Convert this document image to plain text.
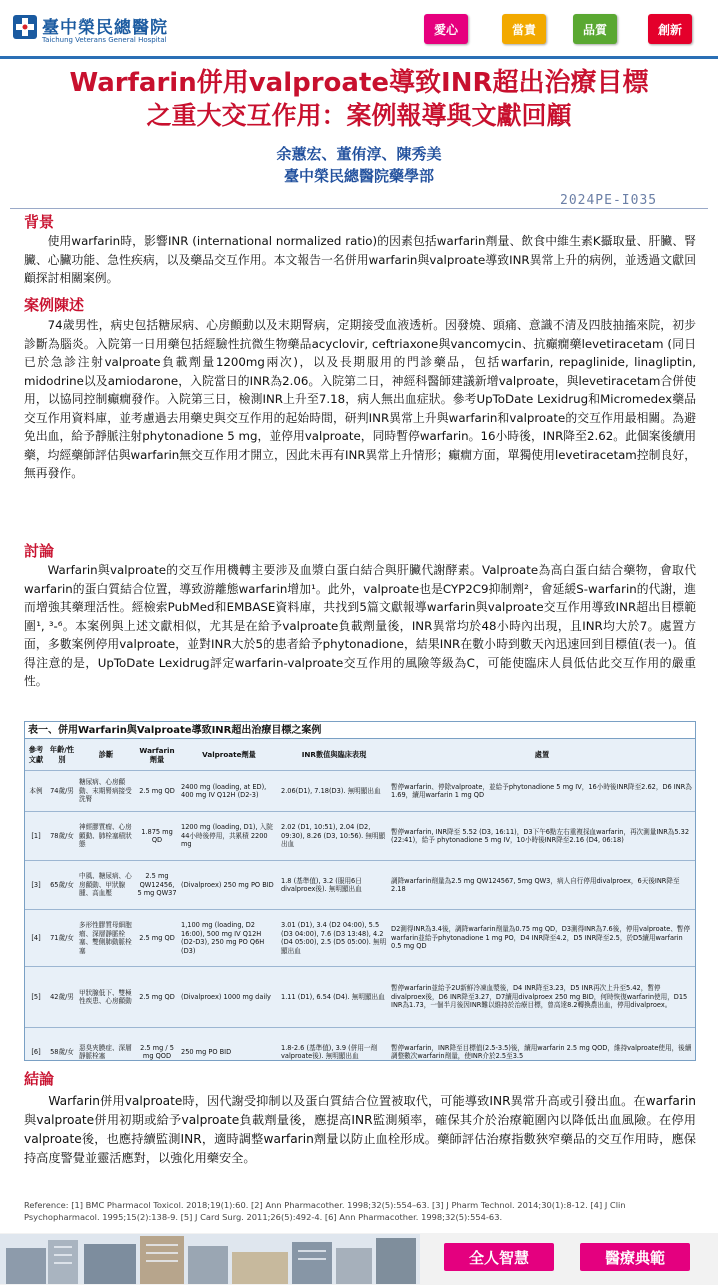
臺中榮民總醫院
Taichung Veterans General Hospital
愛心	當責	品質	創新
Warfarin併用valproate導致INR超出治療目標
之重大交互作用：案例報導與文獻回顧
余蕙宏、董侑淳、陳秀美
臺中榮民總醫院藥學部
2024PE-I035
背景

使用warfarin時，影響INR (international normalized ratio)的因素包括warfarin劑量、飲食中維生素K攝取量、肝臟、腎臟、心臟功能、急性疾病，以及藥品交互作用。本文報告一名併用warfarin與valproate導致INR異常上升的病例，並透過文獻回顧探討相關案例。

案例陳述

74歲男性，病史包括糖尿病、心房顫動以及末期腎病，定期接受血液透析。因發燒、頭痛、意識不清及四肢抽搐來院，初步診斷為腦炎。入院第一日用藥包括經驗性抗微生物藥品acyclovir, ceftriaxone與vancomycin、抗癲癇藥levetiracetam (同日已於急診注射valproate負載劑量1200mg兩次)，以及長期服用的門診藥品，包括warfarin, repaglinide, linagliptin, midodrine以及amiodarone，入院當日的INR為2.06。入院第二日，神經科醫師建議新增valproate，與levetiracetam合併使用，以協同控制癲癇發作。入院第三日，檢測INR上升至7.18，病人無出血症狀。參考UpToDate Lexidrug和Micromedex藥品交互作用資料庫，並考慮過去用藥史與交互作用的起始時間，研判INR異常上升與warfarin和valproate的交互作用最相關。為避免出血，給予靜脈注射phytonadione 5 mg，並停用valproate，同時暫停warfarin。16小時後，INR降至2.62。此個案後續用藥，均經藥師評估與warfarin無交互作用才開立，因此未再有INR異常上升情形；癲癇方面，單獨使用levetiracetam控制良好，無再發作。

討論

Warfarin與valproate的交互作用機轉主要涉及血漿白蛋白結合與肝臟代謝酵素。Valproate為高白蛋白結合藥物，會取代warfarin的蛋白質結合位置，導致游離態warfarin增加¹。此外，valproate也是CYP2C9抑制劑²，會延緩S-warfarin的代謝，進而增強其藥理活性。經檢索PubMed和EMBASE資料庫，共找到5篇文獻報導warfarin與valproate交互作用導致INR超出目標範圍¹, ³-⁶。本案例與上述文獻相似，尤其是在給予valproate負載劑量後，INR異常均於48小時內出現，且INR均大於7。處置方面，多數案例停用valproate，並對INR大於5的患者給予phytonadione，結果INR在數小時到數天內迅速回到目標值(表一)。值得注意的是，UpToDate Lexidrug評定warfarin-valproate交互作用的風險等級為C，可能使臨床人員低估此交互作用的嚴重性。

表一、併用Warfarin與Valproate導致INR超出治療目標之案例
參考文獻	年齡/性別	診斷	Warfarin劑量	Valproate劑量	INR數值與臨床表現	處置
本例	74歲/男	糖尿病、心房顫動、末期腎病接受洗腎	2.5 mg QD	2400 mg (loading, at ED), 400 mg IV Q12H (D2-3)	2.06(D1), 7.18(D3). 無明顯出血	暫停warfarin、停除valproate，並給予phytonadione 5 mg IV，16小時後INR降至2.62，D6 INR為1.69，續用warfarin 1 mg QD
[1]	78歲/女	神經膠質瘤、心房顫動、肺栓塞積狀態	1.875 mg QD	1200 mg (loading, D1), 入院44小時後停用，共累積 2200 mg	2.02 (D1, 10:51), 2.04 (D2, 09:30), 8.26 (D3, 10:56). 無明顯出血	暫停warfarin, INR降至 5.52 (D3, 16:11)，D3下午6點左右重複採血warfarin，再次測量INR為5.32 (22:41)，給予 phytonadione 5 mg IV，10小時後INR降至2.16 (D4, 06:18)
[3]	65歲/女	中風、糖尿病、心房顫動、甲狀腺腫、高血壓	2.5 mg QW12456, 5 mg QW37	(Divalproex) 250 mg PO BID	1.8 (基準值), 3.2 (服用6日divalproex後). 無明顯出血	調降warfarin劑量為2.5 mg QW124567, 5mg QW3，病人自行停用divalproex，6天後INR降至2.18
[4]	71歲/女	多形性膠質母細胞瘤、深層靜脈栓塞、雙側肺動脈栓塞	2.5 mg QD	1,100 mg (loading, D2 16:00), 500 mg IV Q12H (D2-D3), 250 mg PO Q6H (D3)	3.01 (D1), 3.4 (D2 04:00), 5.5 (D3 04:00), 7.6 (D3 13:48), 4.2 (D4 05:00), 2.5 (D5 05:00). 無明顯出血	D2測得INR為3.4後，調降warfarin劑量為0.75 mg QD，D3測得INR為7.6後，停用valproate、暫停warfarin並給予phytonadione 1 mg PO，D4 INR降至4.2，D5 INR降至2.5，於D5續用warfarin 0.5 mg QD
[5]	42歲/男	甲狀腺低下、雙極性疾患、心房顫動	2.5 mg QD	(Divalproex) 1000 mg daily	1.11 (D1), 6.54 (D4). 無明顯出血	暫停warfarin並給予2U新鮮冷凍血漿後，D4 INR降至3.23，D5 INR再次上升至5.42，暫停divalproex後，D6 INR降至3.27，D7續用divalproex 250 mg BID，何時恢復warfarin使用，D15 INR為1.73，一個半月後因INR難以維持於治療目標，曾高達8.2轉換農出血，停用divalproex。
[6]	58歲/女	惡臭夾膜症、深層靜脈栓塞	2.5 mg / 5 mg QOD	250 mg PO BID	1.8-2.6 (基準值), 3.9 (併用一劑valproate後). 無明顯出血	暫停warfarin，INR降至目標值(2.5-3.5)後，續用warfarin 2.5 mg QOD，維持valproate使用，後續調整數次warfarin劑量，使INR介於2.5至3.5
結論

Warfarin併用valproate時，因代謝受抑制以及蛋白質結合位置被取代，可能導致INR異常升高或引發出血。在warfarin與valproate併用初期或給予valproate負載劑量後，應提高INR監測頻率，確保其介於治療範圍內以降低出血風險。在停用valproate後，也應持續監測INR，適時調整warfarin劑量以防止血栓形成。藥師評估治療指數狹窄藥品的交互作用時，應保持高度警覺並靈活應對，以強化用藥安全。

Reference: [1] BMC Pharmacol Toxicol. 2018;19(1):60. [2] Ann Pharmacother. 1998;32(5):554–63. [3] J Pharm Technol. 2014;30(1):8-12. [4] J Clin Psychopharmacol. 1995;15(2):138-9. [5] J Card Surg. 2011;26(5):492-4. [6] Ann Pharmacother. 1998;32(5):554-63.
全人智慧	醫療典範
